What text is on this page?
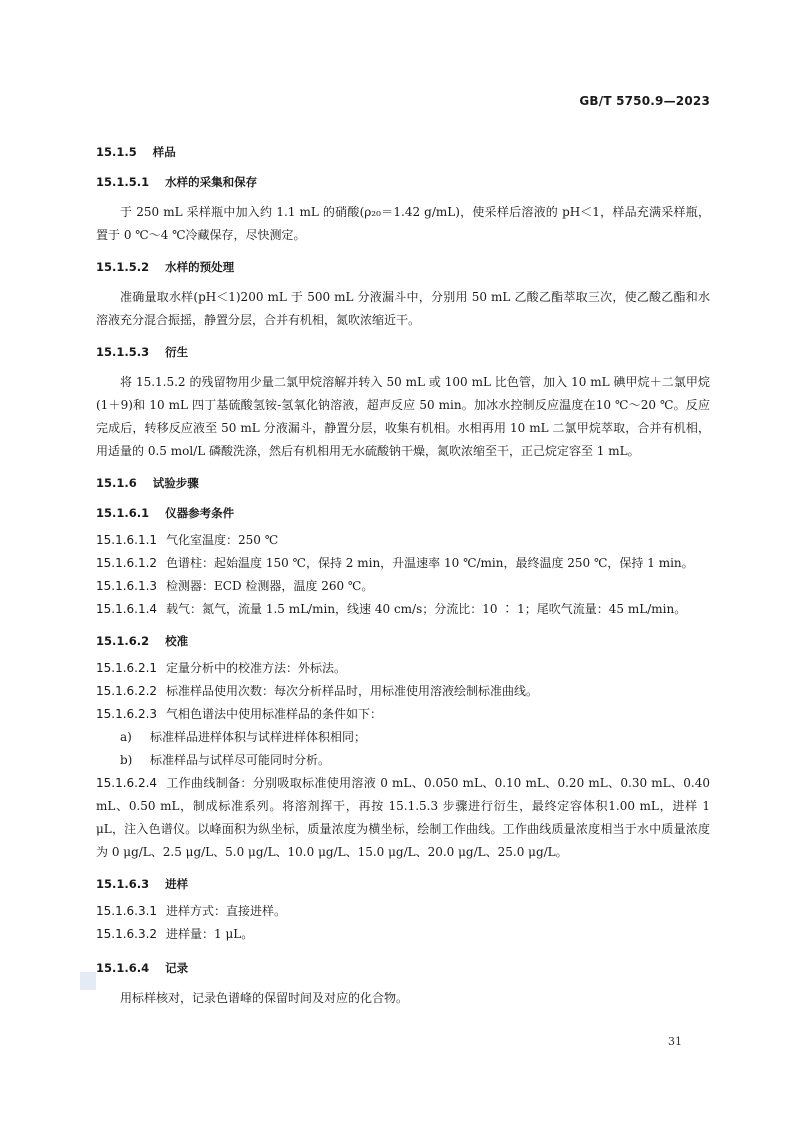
GB/T 5750.9—2023
15.1.5 样品
15.1.5.1 水样的采集和保存

于 250 mL 采样瓶中加入约 1.1 mL 的硝酸(ρ₂₀＝1.42 g/mL)，使采样后溶液的 pH＜1，样品充满采样瓶，置于 0 ℃～4 ℃冷藏保存，尽快测定。

15.1.5.2 水样的预处理

准确量取水样(pH＜1)200 mL 于 500 mL 分液漏斗中，分别用 50 mL 乙酸乙酯萃取三次，使乙酸乙酯和水溶液充分混合振摇，静置分层，合并有机相，氮吹浓缩近干。

15.1.5.3 衍生

将 15.1.5.2 的残留物用少量二氯甲烷溶解并转入 50 mL 或 100 mL 比色管，加入 10 mL 碘甲烷＋二氯甲烷(1＋9)和 10 mL 四丁基硫酸氢铵-氢氧化钠溶液，超声反应 50 min。加冰水控制反应温度在10 ℃～20 ℃。反应完成后，转移反应液至 50 mL 分液漏斗，静置分层，收集有机相。水相再用 10 mL 二氯甲烷萃取，合并有机相，用适量的 0.5 mol/L 磷酸洗涤，然后有机相用无水硫酸钠干燥，氮吹浓缩至干，正己烷定容至 1 mL。

15.1.6 试验步骤
15.1.6.1 仪器参考条件

15.1.6.1.1 气化室温度：250 ℃

15.1.6.1.2 色谱柱：起始温度 150 ℃，保持 2 min，升温速率 10 ℃/min，最终温度 250 ℃，保持 1 min。

15.1.6.1.3 检测器：ECD 检测器，温度 260 ℃。

15.1.6.1.4 载气：氮气，流量 1.5 mL/min，线速 40 cm/s；分流比：10 ∶ 1；尾吹气流量：45 mL/min。

15.1.6.2 校准

15.1.6.2.1 定量分析中的校准方法：外标法。

15.1.6.2.2 标准样品使用次数：每次分析样品时，用标准使用溶液绘制标准曲线。

15.1.6.2.3 气相色谱法中使用标准样品的条件如下：

a) 标准样品进样体积与试样进样体积相同；

b) 标准样品与试样尽可能同时分析。

15.1.6.2.4 工作曲线制备：分别吸取标准使用溶液 0 mL、0.050 mL、0.10 mL、0.20 mL、0.30 mL、0.40 mL、0.50 mL，制成标准系列。将溶剂挥干，再按 15.1.5.3 步骤进行衍生，最终定容体积1.00 mL，进样 1 μL，注入色谱仪。以峰面积为纵坐标，质量浓度为横坐标，绘制工作曲线。工作曲线质量浓度相当于水中质量浓度为 0 μg/L、2.5 μg/L、5.0 μg/L、10.0 μg/L、15.0 μg/L、20.0 μg/L、25.0 μg/L。

15.1.6.3 进样

15.1.6.3.1 进样方式：直接进样。

15.1.6.3.2 进样量：1 μL。

15.1.6.4 记录

用标样核对，记录色谱峰的保留时间及对应的化合物。

31
